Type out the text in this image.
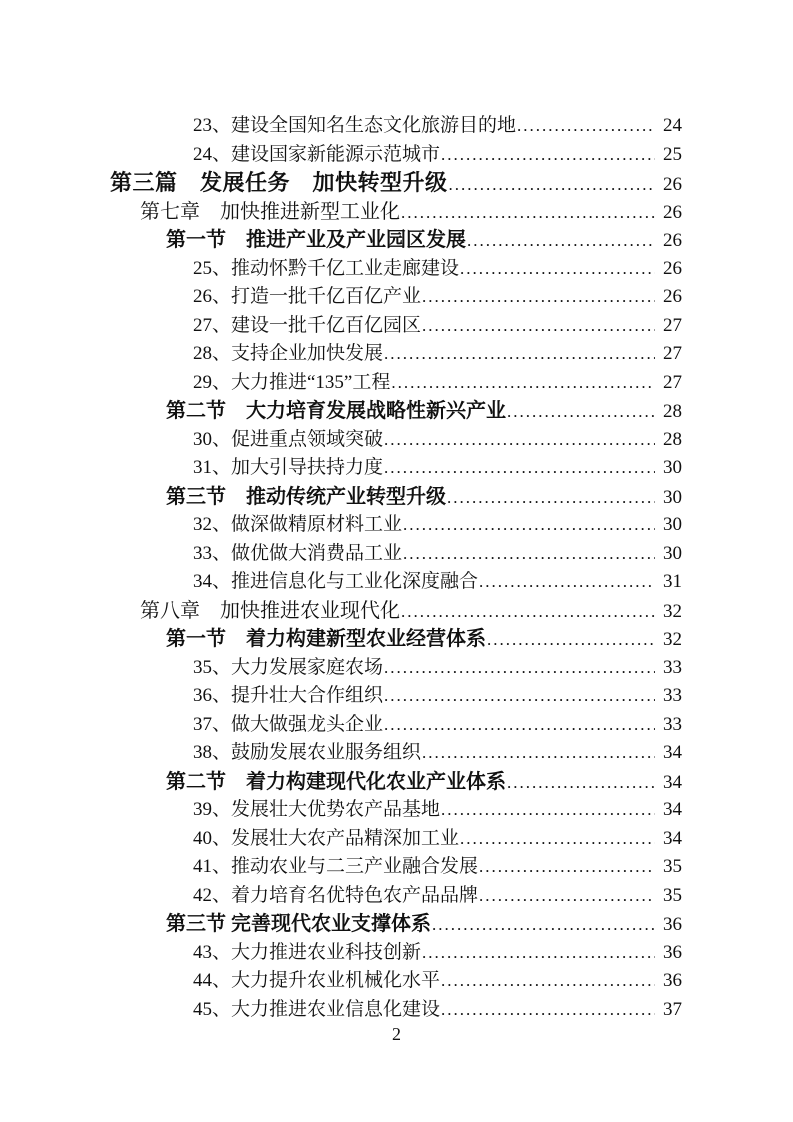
23、建设全国知名生态文化旅游目的地 .....	24
24、建设国家新能源示范城市 .....	25
第三篇　发展任务　加快转型升级 .....	26
第七章　加快推进新型工业化 .....	26
第一节　推进产业及产业园区发展 .....	26
25、推动怀黔千亿工业走廊建设 .....	26
26、打造一批千亿百亿产业 .....	26
27、建设一批千亿百亿园区 .....	27
28、支持企业加快发展 .....	27
29、大力推进“135”工程 .....	27
第二节　大力培育发展战略性新兴产业 .....	28
30、促进重点领域突破 .....	28
31、加大引导扶持力度 .....	30
第三节　推动传统产业转型升级 .....	30
32、做深做精原材料工业 .....	30
33、做优做大消费品工业 .....	30
34、推进信息化与工业化深度融合 .....	31
第八章　加快推进农业现代化 .....	32
第一节　着力构建新型农业经营体系 .....	32
35、大力发展家庭农场 .....	33
36、提升壮大合作组织 .....	33
37、做大做强龙头企业 .....	33
38、鼓励发展农业服务组织 .....	34
第二节　着力构建现代化农业产业体系 .....	34
39、发展壮大优势农产品基地 .....	34
40、发展壮大农产品精深加工业 .....	34
41、推动农业与二三产业融合发展 .....	35
42、着力培育名优特色农产品品牌 .....	35
第三节 完善现代农业支撑体系 .....	36
43、大力推进农业科技创新 .....	36
44、大力提升农业机械化水平 .....	36
45、大力推进农业信息化建设 .....	37
2
